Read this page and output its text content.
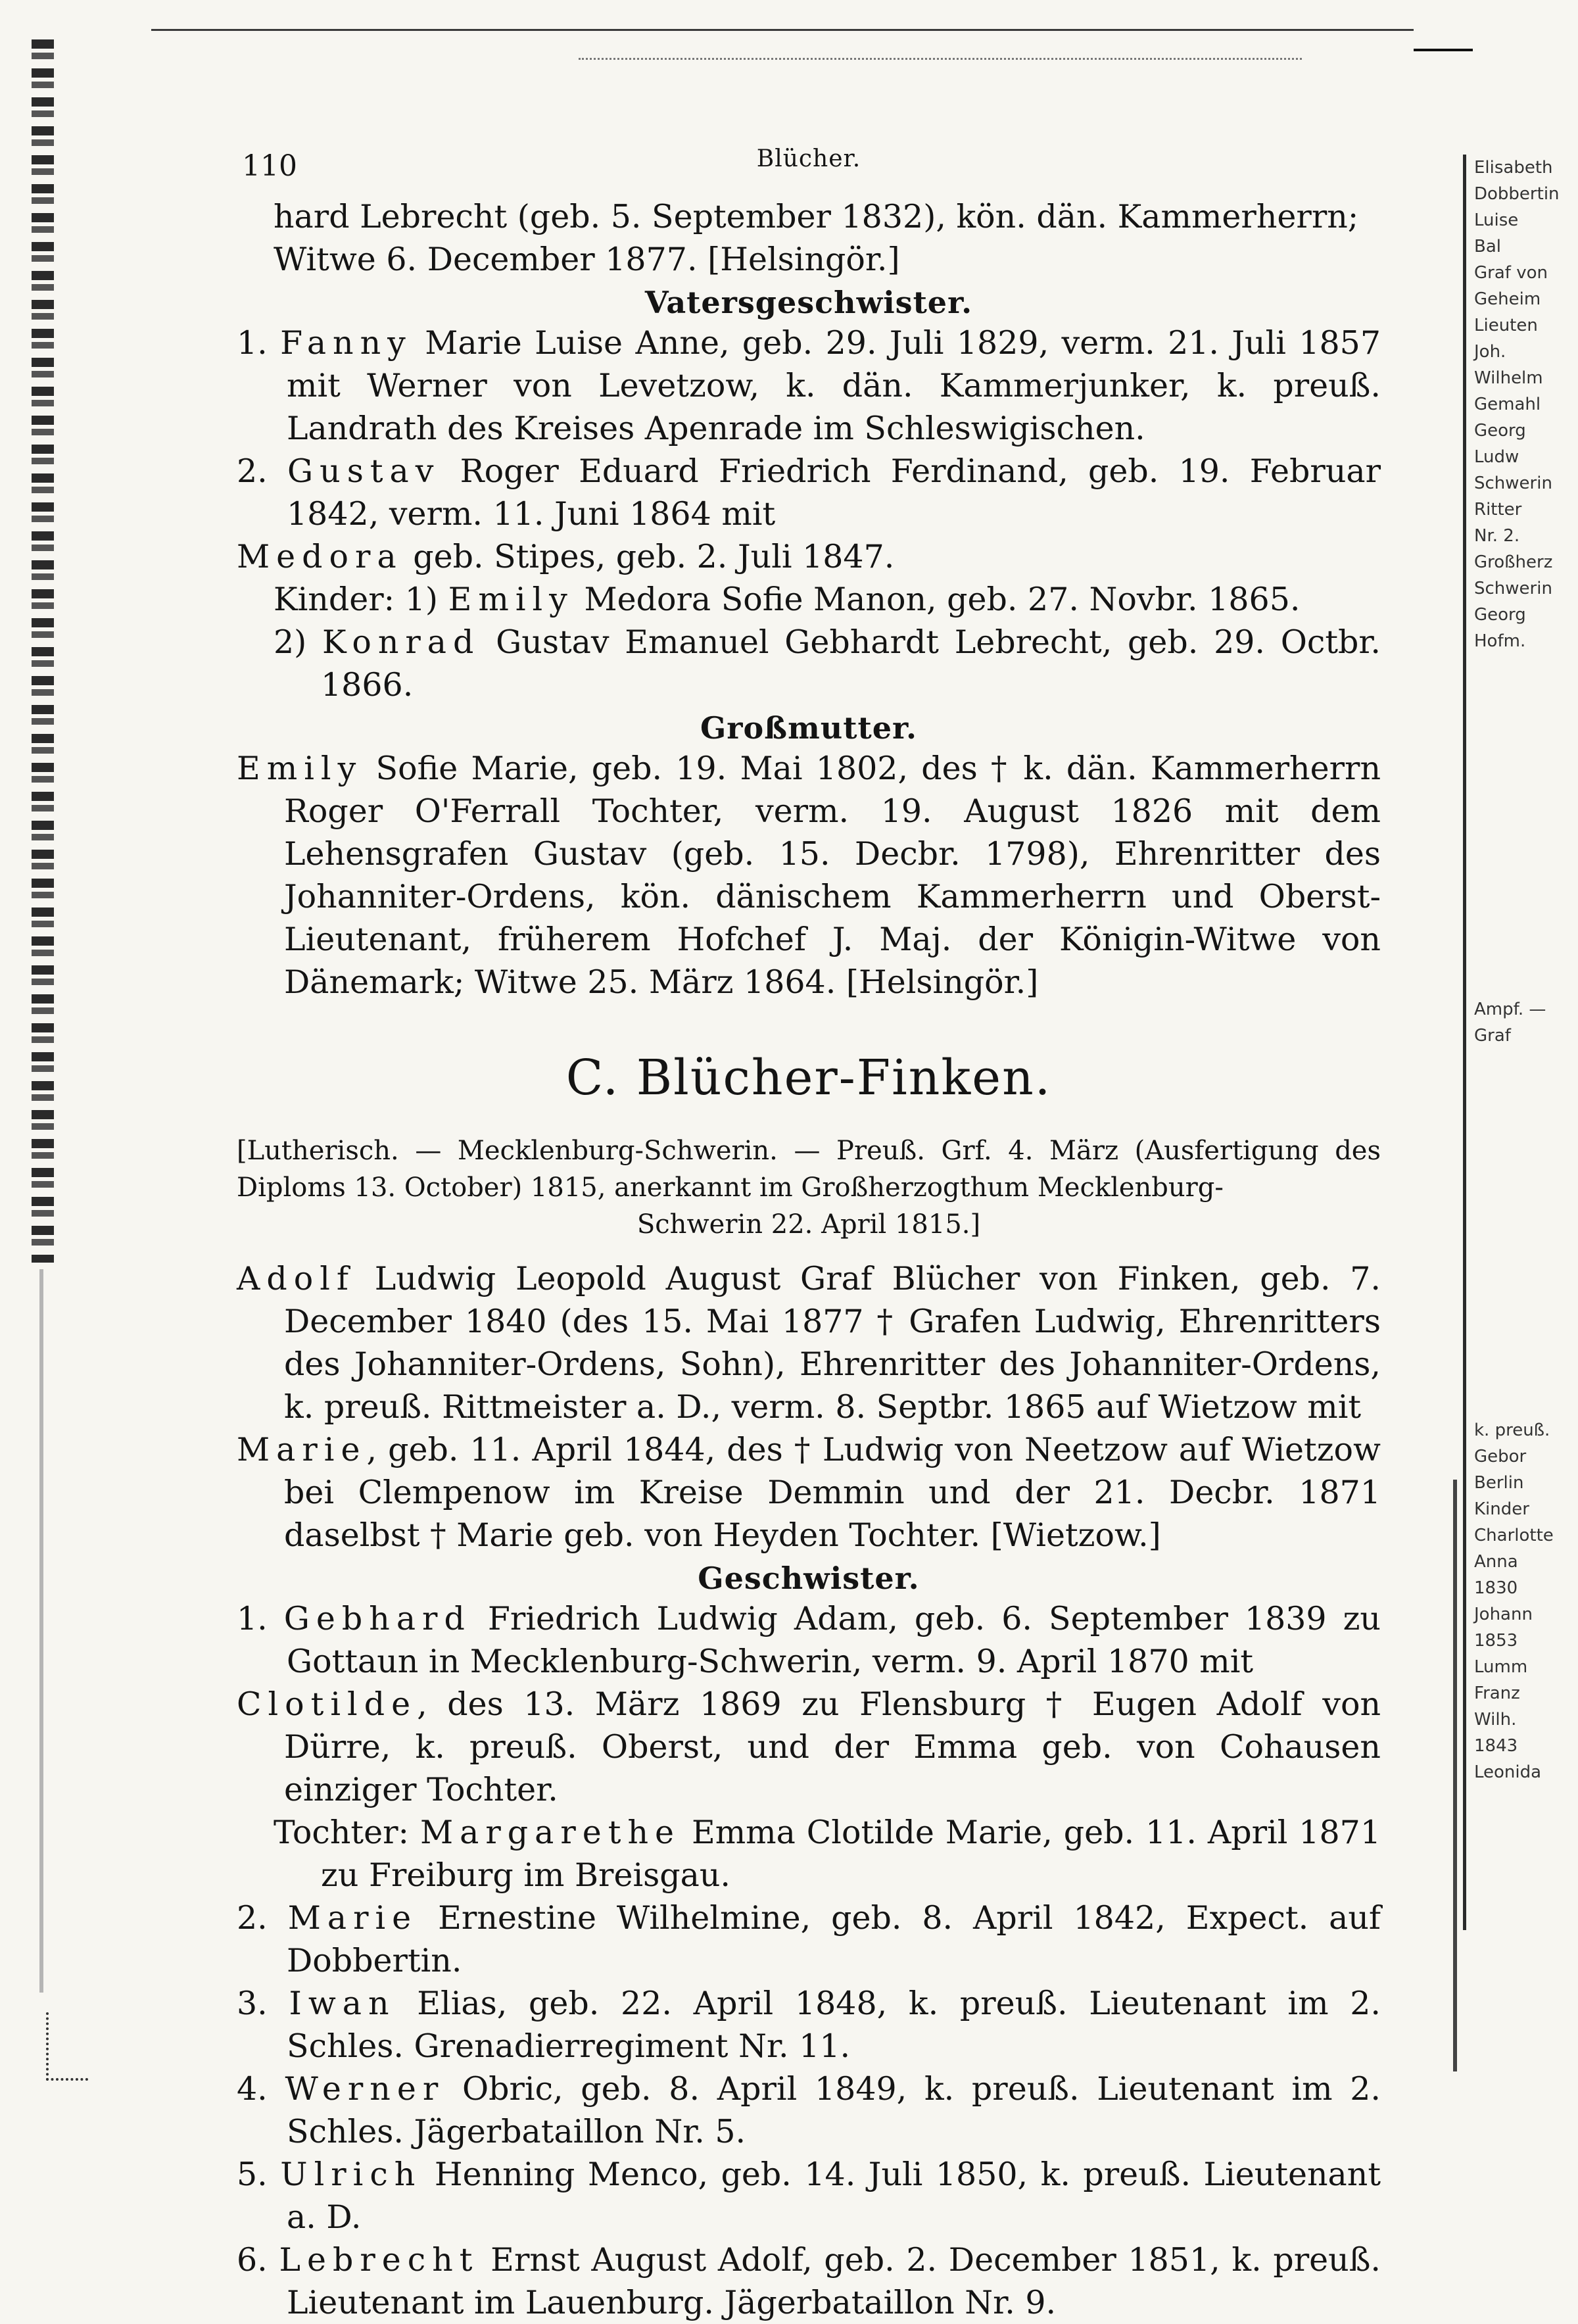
110	Blücher.

hard Lebrecht (geb. 5. September 1832), kön. dän. Kammerherrn;

Witwe 6. December 1877. [Helsingör.]

Vatersgeschwister.

1. Fanny Marie Luise Anne, geb. 29. Juli 1829, verm. 21. Juli 1857 mit Werner von Levetzow, k. dän. Kammerjunker, k. preuß. Landrath des Kreises Apenrade im Schleswigischen.

2. Gustav Roger Eduard Friedrich Ferdinand, geb. 19. Februar 1842, verm. 11. Juni 1864 mit

Medora geb. Stipes, geb. 2. Juli 1847.

Kinder: 1) Emily Medora Sofie Manon, geb. 27. Novbr. 1865.

2) Konrad Gustav Emanuel Gebhardt Lebrecht, geb. 29. Octbr. 1866.

Großmutter.

Emily Sofie Marie, geb. 19. Mai 1802, des † k. dän. Kammerherrn Roger O'Ferrall Tochter, verm. 19. August 1826 mit dem Lehensgrafen Gustav (geb. 15. Decbr. 1798), Ehrenritter des Johanniter-Ordens, kön. dänischem Kammerherrn und Oberst-Lieutenant, früherem Hofchef J. Maj. der Königin-Witwe von Dänemark; Witwe 25. März 1864. [Helsingör.]

C. Blücher-Finken.
[Lutherisch. — Mecklenburg-Schwerin. — Preuß. Grf. 4. März (Ausfertigung des Diploms 13. October) 1815, anerkannt im Großherzogthum Mecklenburg-
Schwerin 22. April 1815.]

Adolf Ludwig Leopold August Graf Blücher von Finken, geb. 7. December 1840 (des 15. Mai 1877 † Grafen Ludwig, Ehrenritters des Johanniter-Ordens, Sohn), Ehrenritter des Johanniter-Ordens, k. preuß. Rittmeister a. D., verm. 8. Septbr. 1865 auf Wietzow mit

Marie, geb. 11. April 1844, des † Ludwig von Neetzow auf Wietzow bei Clempenow im Kreise Demmin und der 21. Decbr. 1871 daselbst † Marie geb. von Heyden Tochter. [Wietzow.]

Geschwister.

1. Gebhard Friedrich Ludwig Adam, geb. 6. September 1839 zu Gottaun in Mecklenburg-Schwerin, verm. 9. April 1870 mit

Clotilde, des 13. März 1869 zu Flensburg † Eugen Adolf von Dürre, k. preuß. Oberst, und der Emma geb. von Cohausen einziger Tochter.

Tochter: Margarethe Emma Clotilde Marie, geb. 11. April 1871 zu Freiburg im Breisgau.

2. Marie Ernestine Wilhelmine, geb. 8. April 1842, Expect. auf Dobbertin.

3. Iwan Elias, geb. 22. April 1848, k. preuß. Lieutenant im 2. Schles. Grenadierregiment Nr. 11.

4. Werner Obric, geb. 8. April 1849, k. preuß. Lieutenant im 2. Schles. Jägerbataillon Nr. 5.

5. Ulrich Henning Menco, geb. 14. Juli 1850, k. preuß. Lieutenant a. D.

6. Lebrecht Ernst August Adolf, geb. 2. December 1851, k. preuß. Lieutenant im Lauenburg. Jägerbataillon Nr. 9.

Elisabeth
Dobbertin
Luise
Bal
Graf von
Geheim
Lieuten
Joh.
Wilhelm
Gemahl
Georg
Ludw
Schwerin
Ritter
Nr. 2.
Großherz
Schwerin
Georg
Hofm.
Ampf. —
Graf
k. preuß.
Gebor
Berlin
Kinder
Charlotte
Anna
1830
Johann
1853
Lumm
Franz
Wilh.
1843
Leonida
